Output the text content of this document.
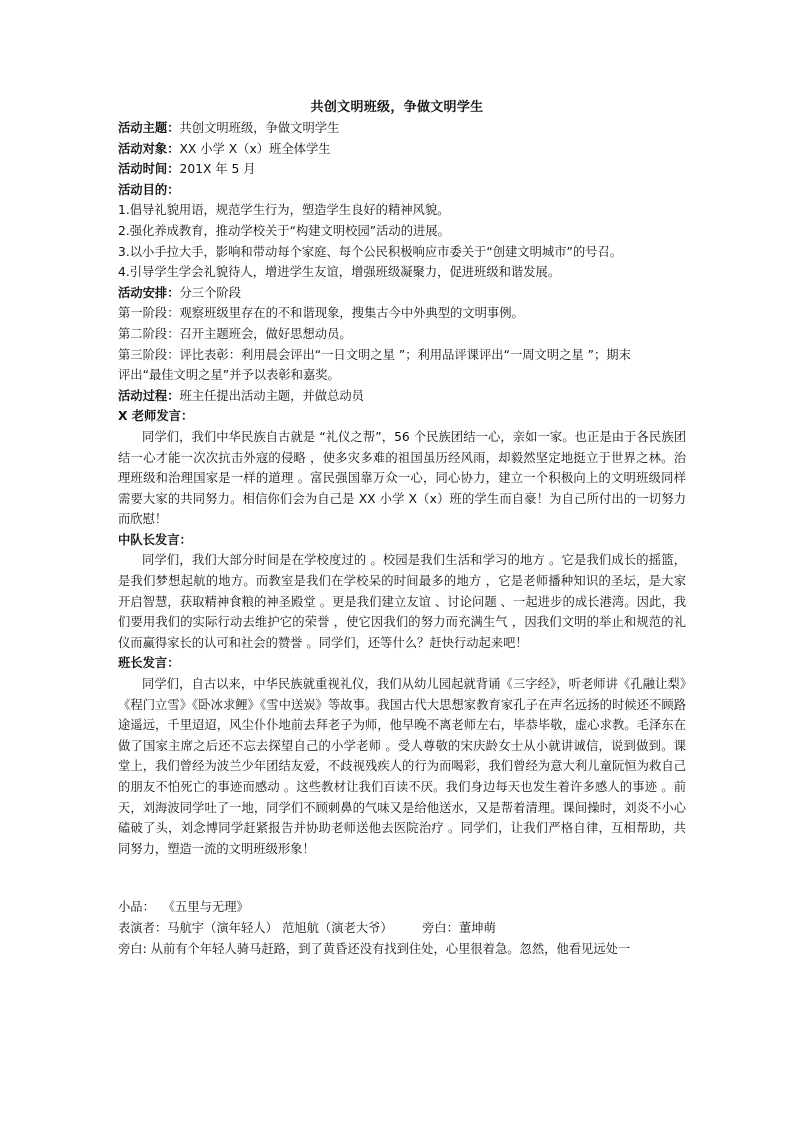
共创文明班级，争做文明学生
活动主题：共创文明班级，争做文明学生
活动对象：XX 小学 X（x）班全体学生
活动时间：201X 年 5 月
活动目的：
1.倡导礼貌用语，规范学生行为，塑造学生良好的精神风貌。
2.强化养成教育，推动学校关于“构建文明校园”活动的进展。
3.以小手拉大手，影响和带动每个家庭、每个公民积极响应市委关于“创建文明城市”的号召。
4.引导学生学会礼貌待人，增进学生友谊，增强班级凝聚力，促进班级和谐发展。
活动安排：分三个阶段
第一阶段：观察班级里存在的不和谐现象，搜集古今中外典型的文明事例。
第二阶段：召开主题班会，做好思想动员。
第三阶段：评比表彰：利用晨会评出“一日文明之星 ”；利用品评课评出“一周文明之星 ”；期末
评出“最佳文明之星”并予以表彰和嘉奖。
活动过程：班主任提出活动主题，并做总动员
X 老师发言：
同学们，我们中华民族自古就是 “礼仪之帮”，56 个民族团结一心，亲如一家。也正是由于各民族团结一心才能一次次抗击外寇的侵略 ，使多灾多难的祖国虽历经风雨，却毅然坚定地挺立于世界之林。治理班级和治理国家是一样的道理 。富民强国靠万众一心，同心协力，建立一个积极向上的文明班级同样需要大家的共同努力。相信你们会为自己是 XX 小学 X（x）班的学生而自豪！为自己所付出的一切努力而欣慰！
中队长发言：
同学们，我们大部分时间是在学校度过的 。校园是我们生活和学习的地方 。它是我们成长的摇篮，是我们梦想起航的地方。而教室是我们在学校呆的时间最多的地方 ，它是老师播种知识的圣坛，是大家开启智慧，获取精神食粮的神圣殿堂 。更是我们建立友谊 、讨论问题 、一起进步的成长港湾。因此，我们要用我们的实际行动去维护它的荣誉 ，使它因我们的努力而充满生气 ，因我们文明的举止和规范的礼仪而赢得家长的认可和社会的赞誉 。同学们，还等什么？赶快行动起来吧！
班长发言：
同学们，自古以来，中华民族就重视礼仪，我们从幼儿园起就背诵《三字经》，听老师讲《孔融让梨》《程门立雪》《卧冰求鲤》《雪中送炭》等故事。我国古代大思想家教育家孔子在声名远扬的时候还不顾路途遥远，千里迢迢，风尘仆仆地前去拜老子为师，他早晚不离老师左右，毕恭毕敬，虚心求教。毛泽东在做了国家主席之后还不忘去探望自己的小学老师 。受人尊敬的宋庆龄女士从小就讲诚信，说到做到。课堂上，我们曾经为波兰少年团结友爱，不歧视残疾人的行为而喝彩，我们曾经为意大利儿童阮恒为救自己的朋友不怕死亡的事迹而感动 。这些教材让我们百读不厌。我们身边每天也发生着许多感人的事迹 。前天，刘海波同学吐了一地，同学们不顾刺鼻的气味又是给他送水，又是帮着清理。课间操时，刘炎不小心磕破了头，刘念博同学赶紧报告并协助老师送他去医院治疗 。同学们，让我们严格自律，互相帮助，共同努力，塑造一流的文明班级形象！
小品： 《五里与无理》
表演者：马航宇（演年轻人） 范旭航（演老大爷）	旁白：董坤萌
旁白: 从前有个年轻人骑马赶路，到了黄昏还没有找到住处，心里很着急。忽然，他看见远处一
